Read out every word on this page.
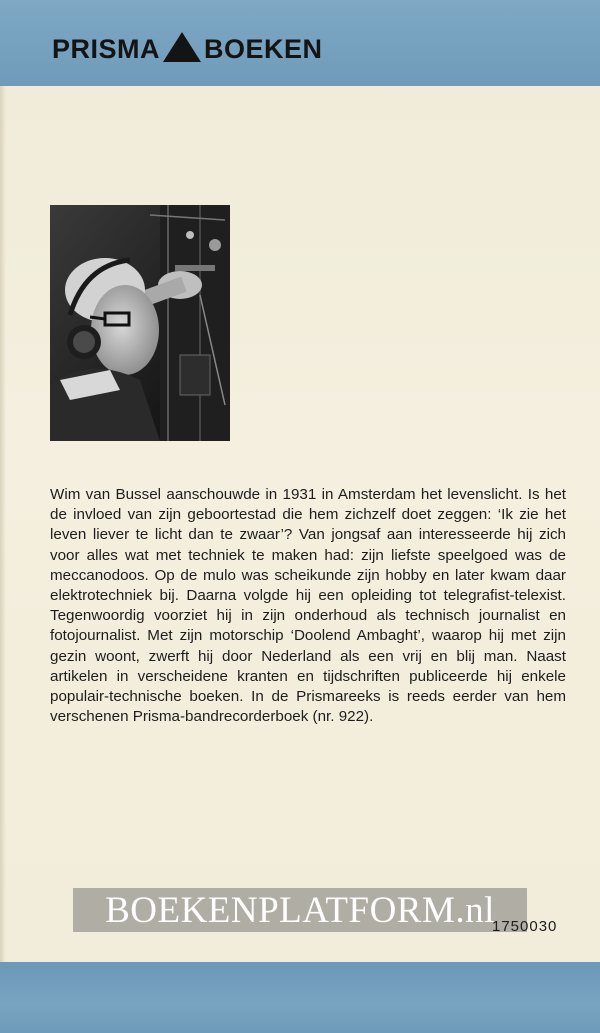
PRISMA BOEKEN

Wim van Bussel aanschouwde in 1931 in Amsterdam het levenslicht. Is het de invloed van zijn geboortestad die hem zichzelf doet zeggen: ‘Ik zie het leven liever te licht dan te zwaar’? Van jongsaf aan interesseerde hij zich voor alles wat met techniek te maken had: zijn liefste speelgoed was de meccanodoos. Op de mulo was scheikunde zijn hobby en later kwam daar elektrotechniek bij. Daarna volgde hij een opleiding tot telegrafist-telexist. Tegenwoordig voorziet hij in zijn onderhoud als technisch journalist en fotojournalist. Met zijn motorschip ‘Doolend Ambaght’, waarop hij met zijn gezin woont, zwerft hij door Nederland als een vrij en blij man. Naast artikelen in verscheidene kranten en tijdschriften publiceerde hij enkele populair-technische boeken. In de Prismareeks is reeds eerder van hem verschenen Prisma-bandrecorderboek (nr. 922).

BOEKENPLATFORM.nl
1750030
